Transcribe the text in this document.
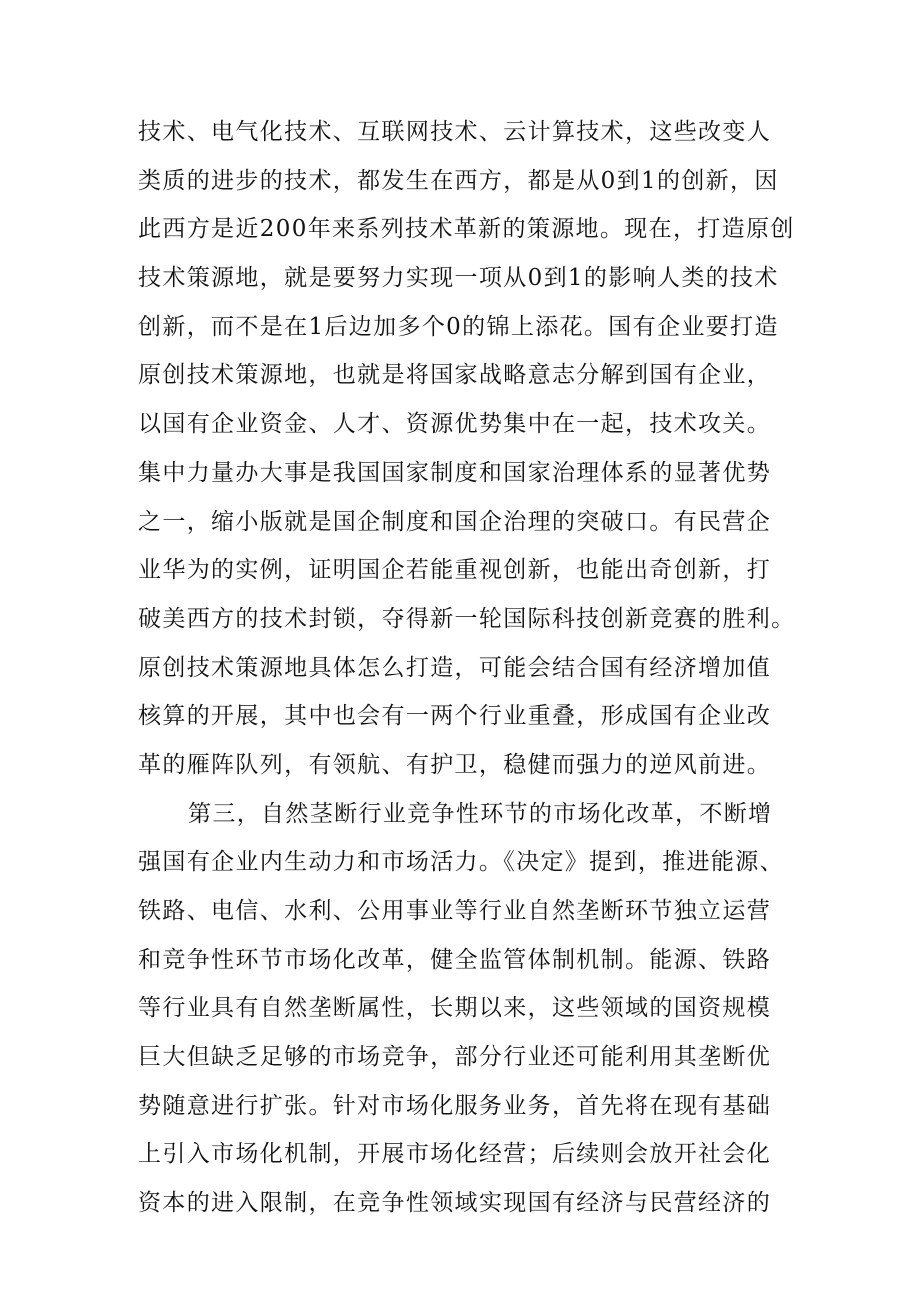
技术、电气化技术、互联网技术、云计算技术，这些改变人
类质的进步的技术，都发生在西方，都是从0到1的创新，因
此西方是近200年来系列技术革新的策源地。现在，打造原创
技术策源地，就是要努力实现一项从0到1的影响人类的技术
创新，而不是在1后边加多个0的锦上添花。国有企业要打造
原创技术策源地，也就是将国家战略意志分解到国有企业，
以国有企业资金、人才、资源优势集中在一起，技术攻关。
集中力量办大事是我国国家制度和国家治理体系的显著优势
之一，缩小版就是国企制度和国企治理的突破口。有民营企
业华为的实例，证明国企若能重视创新，也能出奇创新，打
破美西方的技术封锁，夺得新一轮国际科技创新竞赛的胜利。
原创技术策源地具体怎么打造，可能会结合国有经济增加值
核算的开展，其中也会有一两个行业重叠，形成国有企业改
革的雁阵队列，有领航、有护卫，稳健而强力的逆风前进。
第三，自然茎断行业竞争性环节的市场化改革，不断增
强国有企业内生动力和市场活力。《决定》提到，推进能源、
铁路、电信、水利、公用事业等行业自然垄断环节独立运营
和竞争性环节市场化改革，健全监管体制机制。能源、铁路
等行业具有自然垄断属性，长期以来，这些领域的国资规模
巨大但缺乏足够的市场竞争，部分行业还可能利用其垄断优
势随意进行扩张。针对市场化服务业务，首先将在现有基础
上引入市场化机制，开展市场化经营；后续则会放开社会化
资本的进入限制，在竞争性领域实现国有经济与民营经济的
